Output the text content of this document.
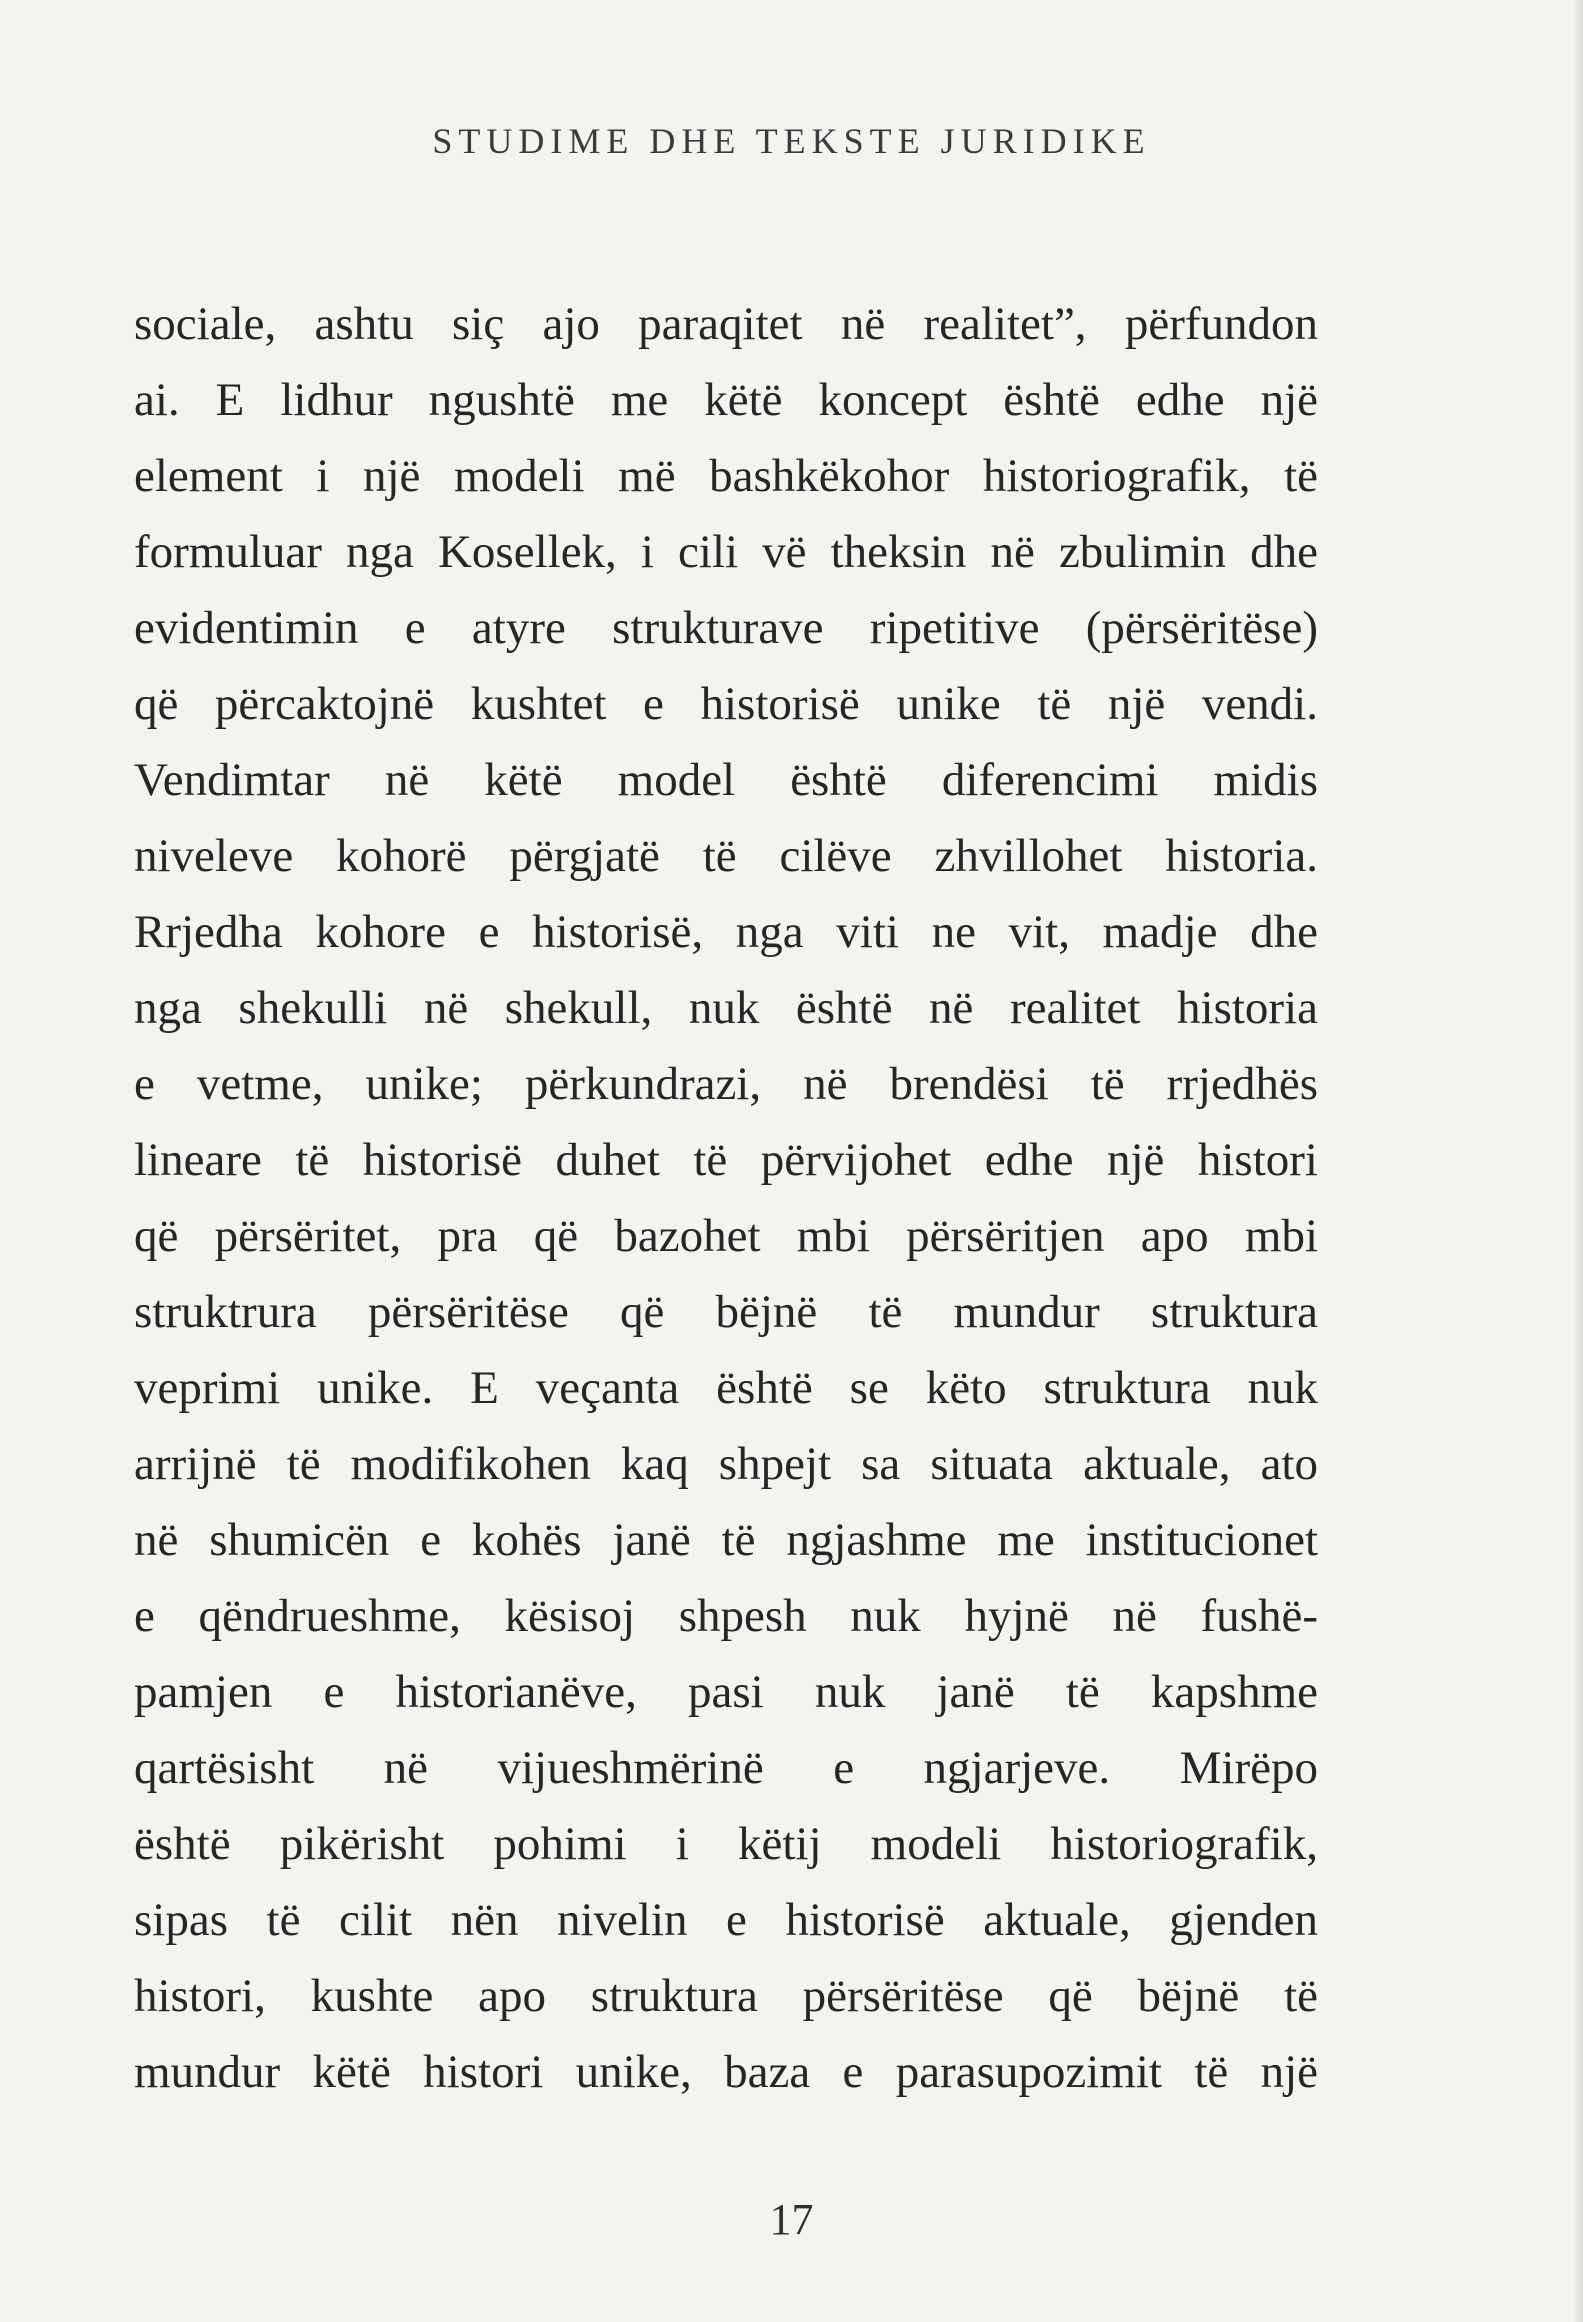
STUDIME DHE TEKSTE JURIDIKE
sociale, ashtu siç ajo paraqitet në realitet”, përfundon
ai. E lidhur ngushtë me këtë koncept është edhe një
element i një modeli më bashkëkohor historiografik, të
formuluar nga Kosellek, i cili vë theksin në zbulimin dhe
evidentimin e atyre strukturave ripetitive (përsëritëse)
që përcaktojnë kushtet e historisë unike të një vendi.
Vendimtar në këtë model është diferencimi midis
niveleve kohorë përgjatë të cilëve zhvillohet historia.
Rrjedha kohore e historisë, nga viti ne vit, madje dhe
nga shekulli në shekull, nuk është në realitet historia
e vetme, unike; përkundrazi, në brendësi të rrjedhës
lineare të historisë duhet të përvijohet edhe një histori
që përsëritet, pra që bazohet mbi përsëritjen apo mbi
struktrura përsëritëse që bëjnë të mundur struktura
veprimi unike. E veçanta është se këto struktura nuk
arrijnë të modifikohen kaq shpejt sa situata aktuale, ato
në shumicën e kohës janë të ngjashme me institucionet
e qëndrueshme, kësisoj shpesh nuk hyjnë në fushë-
pamjen e historianëve, pasi nuk janë të kapshme
qartësisht në vijueshmërinë e ngjarjeve. Mirëpo
është pikërisht pohimi i këtij modeli historiografik,
sipas të cilit nën nivelin e historisë aktuale, gjenden
histori, kushte apo struktura përsëritëse që bëjnë të
mundur këtë histori unike, baza e parasupozimit të një
17
